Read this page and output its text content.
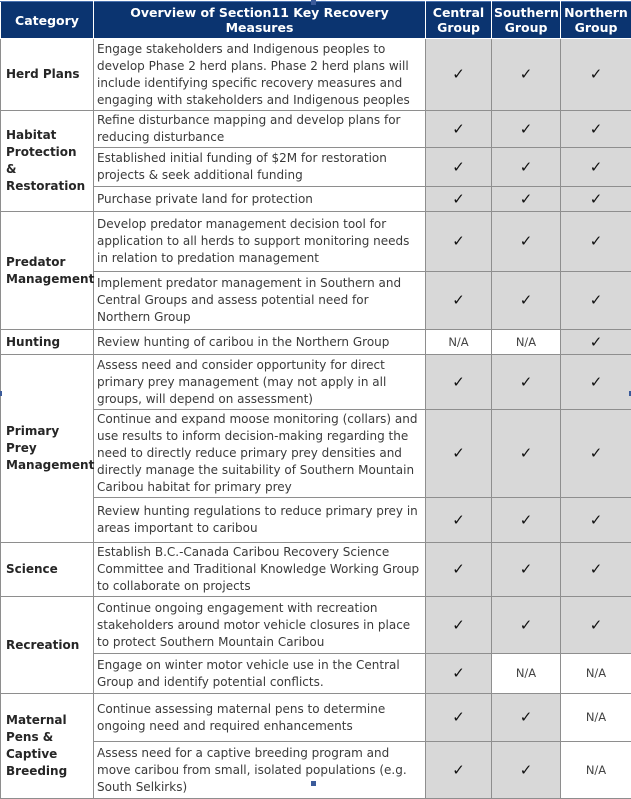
Category	Overview of Section11 Key Recovery Measures	Central Group	Southern Group	Northern Group
Herd Plans	Engage stakeholders and Indigenous peoples to develop Phase 2 herd plans. Phase 2 herd plans will include identifying specific recovery measures and engaging with stakeholders and Indigenous peoples	✓	✓	✓
Habitat Protection & Restoration	Refine disturbance mapping and develop plans for reducing disturbance	✓	✓	✓
	Established initial funding of $2M for restoration projects & seek additional funding	✓	✓	✓
	Purchase private land for protection	✓	✓	✓
Predator Management	Develop predator management decision tool for application to all herds to support monitoring needs in relation to predation management	✓	✓	✓
	Implement predator management in Southern and Central Groups and assess potential need for Northern Group	✓	✓	✓
Hunting	Review hunting of caribou in the Northern Group	N/A	N/A	✓
Primary Prey Management	Assess need and consider opportunity for direct primary prey management (may not apply in all groups, will depend on assessment)	✓	✓	✓
	Continue and expand moose monitoring (collars) and use results to inform decision-making regarding the need to directly reduce primary prey densities and directly manage the suitability of Southern Mountain Caribou habitat for primary prey	✓	✓	✓
	Review hunting regulations to reduce primary prey in areas important to caribou	✓	✓	✓
Science	Establish B.C.-Canada Caribou Recovery Science Committee and Traditional Knowledge Working Group to collaborate on projects	✓	✓	✓
Recreation	Continue ongoing engagement with recreation stakeholders around motor vehicle closures in place to protect Southern Mountain Caribou	✓	✓	✓
	Engage on winter motor vehicle use in the Central Group and identify potential conflicts.	✓	N/A	N/A
Maternal Pens & Captive Breeding	Continue assessing maternal pens to determine ongoing need and required enhancements	✓	✓	N/A
	Assess need for a captive breeding program and move caribou from small, isolated populations (e.g. South Selkirks)	✓	✓	N/A
